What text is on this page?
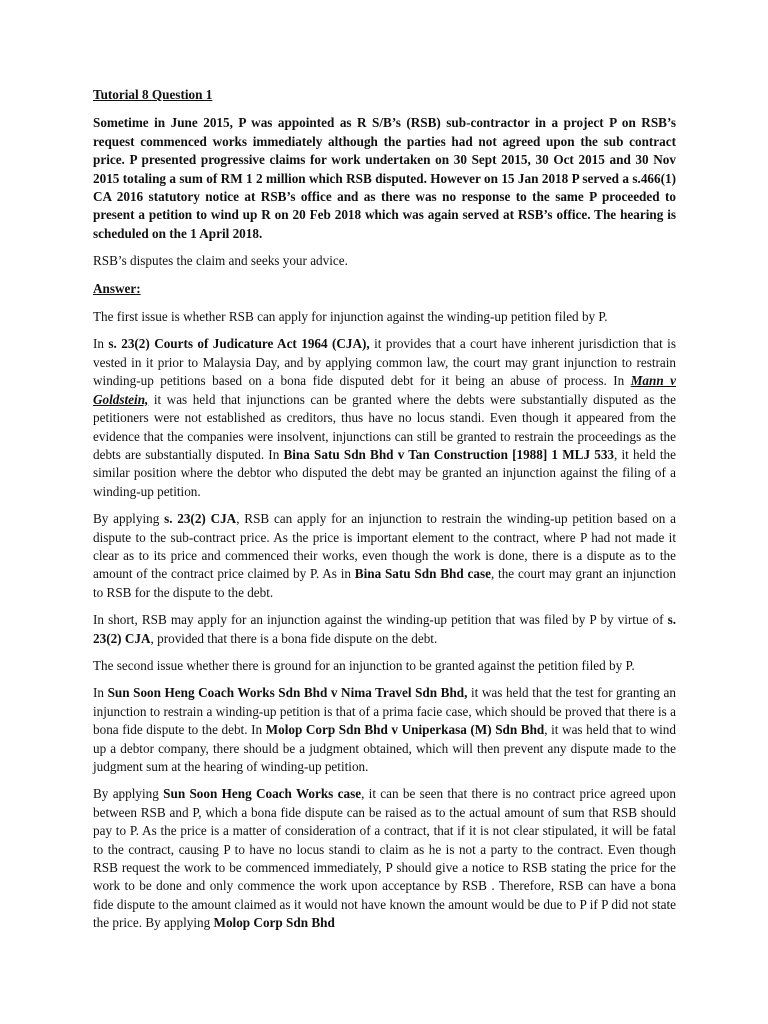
Tutorial 8 Question 1

Sometime in June 2015, P was appointed as R S/B’s (RSB) sub-contractor in a project P on RSB’s request commenced works immediately although the parties had not agreed upon the sub contract price. P presented progressive claims for work undertaken on 30 Sept 2015, 30 Oct 2015 and 30 Nov 2015 totaling a sum of RM 1 2 million which RSB disputed. However on 15 Jan 2018 P served a s.466(1) CA 2016 statutory notice at RSB’s office and as there was no response to the same P proceeded to present a petition to wind up R on 20 Feb 2018 which was again served at RSB’s office. The hearing is scheduled on the 1 April 2018.

RSB’s disputes the claim and seeks your advice.

Answer:

The first issue is whether RSB can apply for injunction against the winding-up petition filed by P.

In s. 23(2) Courts of Judicature Act 1964 (CJA), it provides that a court have inherent jurisdiction that is vested in it prior to Malaysia Day, and by applying common law, the court may grant injunction to restrain winding-up petitions based on a bona fide disputed debt for it being an abuse of process. In Mann v Goldstein, it was held that injunctions can be granted where the debts were substantially disputed as the petitioners were not established as creditors, thus have no locus standi. Even though it appeared from the evidence that the companies were insolvent, injunctions can still be granted to restrain the proceedings as the debts are substantially disputed. In Bina Satu Sdn Bhd v Tan Construction [1988] 1 MLJ 533, it held the similar position where the debtor who disputed the debt may be granted an injunction against the filing of a winding-up petition.

By applying s. 23(2) CJA, RSB can apply for an injunction to restrain the winding-up petition based on a dispute to the sub-contract price. As the price is important element to the contract, where P had not made it clear as to its price and commenced their works, even though the work is done, there is a dispute as to the amount of the contract price claimed by P. As in Bina Satu Sdn Bhd case, the court may grant an injunction to RSB for the dispute to the debt.

In short, RSB may apply for an injunction against the winding-up petition that was filed by P by virtue of s. 23(2) CJA, provided that there is a bona fide dispute on the debt.

The second issue whether there is ground for an injunction to be granted against the petition filed by P.

In Sun Soon Heng Coach Works Sdn Bhd v Nima Travel Sdn Bhd, it was held that the test for granting an injunction to restrain a winding-up petition is that of a prima facie case, which should be proved that there is a bona fide dispute to the debt. In Molop Corp Sdn Bhd v Uniperkasa (M) Sdn Bhd, it was held that to wind up a debtor company, there should be a judgment obtained, which will then prevent any dispute made to the judgment sum at the hearing of winding-up petition.

By applying Sun Soon Heng Coach Works case, it can be seen that there is no contract price agreed upon between RSB and P, which a bona fide dispute can be raised as to the actual amount of sum that RSB should pay to P. As the price is a matter of consideration of a contract, that if it is not clear stipulated, it will be fatal to the contract, causing P to have no locus standi to claim as he is not a party to the contract. Even though RSB request the work to be commenced immediately, P should give a notice to RSB stating the price for the work to be done and only commence the work upon acceptance by RSB . Therefore, RSB can have a bona fide dispute to the amount claimed as it would not have known the amount would be due to P if P did not state the price. By applying Molop Corp Sdn Bhd
